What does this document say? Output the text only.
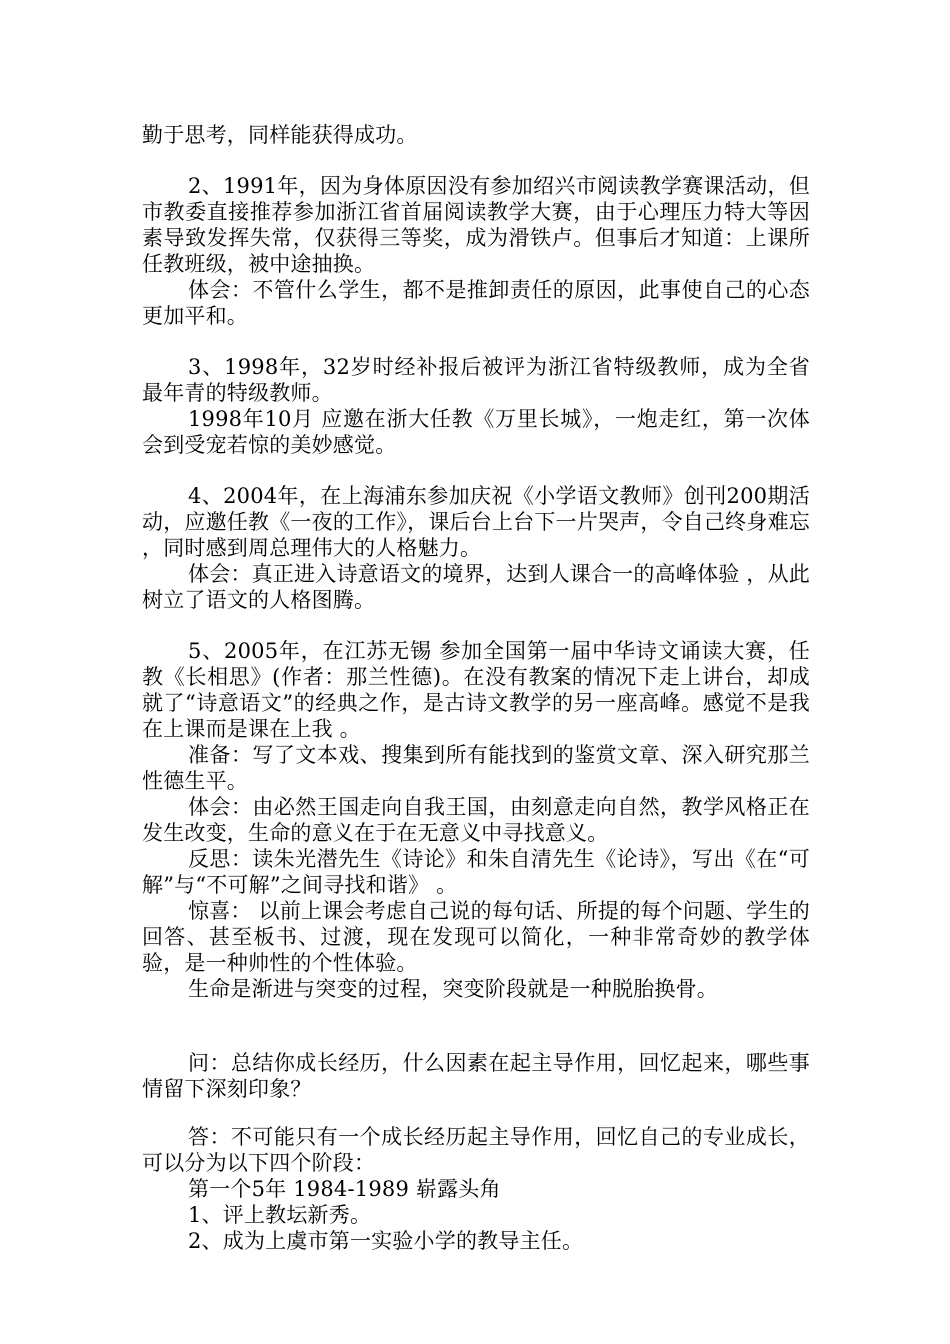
勤于思考，同样能获得成功。

2、1991年，因为身体原因没有参加绍兴市阅读教学赛课活动，但市教委直接推荐参加浙江省首届阅读教学大赛，由于心理压力特大等因素导致发挥失常，仅获得三等奖，成为滑铁卢。但事后才知道：上课所任教班级，被中途抽换。

体会：不管什么学生，都不是推卸责任的原因，此事使自己的心态更加平和。

3、1998年，32岁时经补报后被评为浙江省特级教师，成为全省最年青的特级教师。

1998年10月 应邀在浙大任教《万里长城》，一炮走红，第一次体会到受宠若惊的美妙感觉。

4、2004年，在上海浦东参加庆祝《小学语文教师》创刊200期活动，应邀任教《一夜的工作》，课后台上台下一片哭声，令自己终身难忘 ，同时感到周总理伟大的人格魅力。

体会：真正进入诗意语文的境界，达到人课合一的高峰体验 ，从此树立了语文的人格图腾。

5、2005年，在江苏无锡 参加全国第一届中华诗文诵读大赛，任教《长相思》(作者：那兰性德)。在没有教案的情况下走上讲台，却成就了“诗意语文”的经典之作，是古诗文教学的另一座高峰。感觉不是我在上课而是课在上我 。

准备：写了文本戏、搜集到所有能找到的鉴赏文章、深入研究那兰性德生平。

体会：由必然王国走向自我王国，由刻意走向自然，教学风格正在发生改变，生命的意义在于在无意义中寻找意义。

反思：读朱光潜先生《诗论》和朱自清先生《论诗》，写出《在“可解”与“不可解”之间寻找和谐》 。

惊喜： 以前上课会考虑自己说的每句话、所提的每个问题、学生的回答、甚至板书、过渡，现在发现可以简化，一种非常奇妙的教学体验，是一种帅性的个性体验。

生命是渐进与突变的过程，突变阶段就是一种脱胎换骨。

问：总结你成长经历，什么因素在起主导作用，回忆起来，哪些事情留下深刻印象？

答：不可能只有一个成长经历起主导作用，回忆自己的专业成长，可以分为以下四个阶段：

第一个5年 1984-1989 崭露头角

1、评上教坛新秀。

2、成为上虞市第一实验小学的教导主任。
